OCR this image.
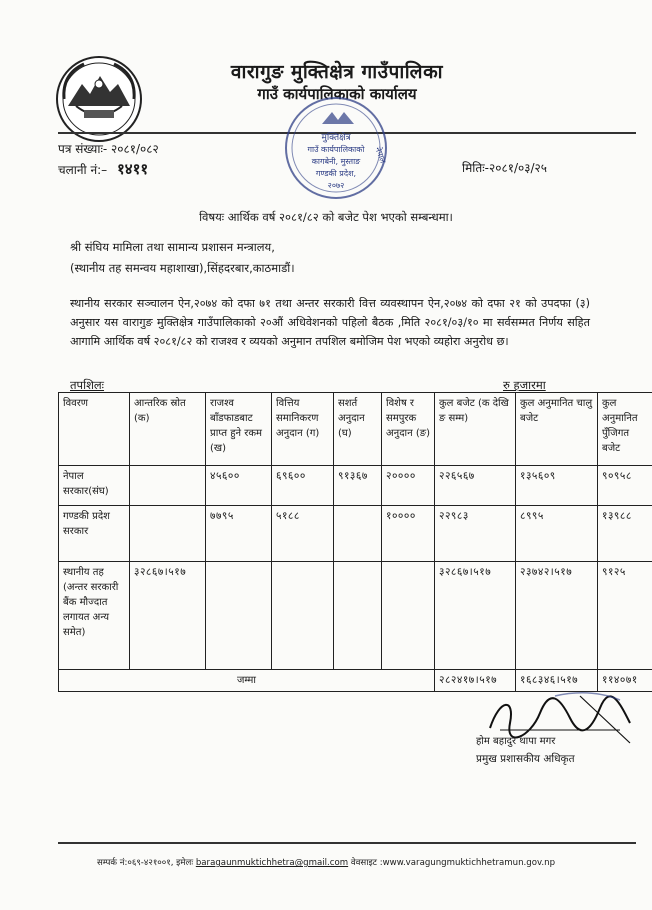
वारागुङ मुक्तिक्षेत्र गाउँपालिका
गाउँ कार्यपालिकाको कार्यालय
मुक्तिक्षेत्र
गाउँ कार्यपालिकाको
कागबेनी, मुस्ताङ
गण्डकी प्रदेश,
२०७२
नेपाल
पत्र संख्याः- २०८१/०८२
चलानी नं:– १४११	मितिः-२०८१/०३/२५
विषयः आर्थिक वर्ष २०८१/८२ को बजेट पेश भएको सम्बन्धमा।
श्री संघिय मामिला तथा सामान्य प्रशासन मन्त्रालय,
(स्थानीय तह समन्वय महाशाखा),सिंहदरबार,काठमाडौं।
स्थानीय सरकार सञ्चालन ऐन,२०७४ को दफा ७१ तथा अन्तर सरकारी वित्त व्यवस्थापन ऐन,२०७४ को दफा २१ को उपदफा (३) अनुसार यस वारागुङ मुक्तिक्षेत्र गाउँपालिकाको २०औं अधिवेशनको पहिलो बैठक ,मिति २०८१/०३/१० मा सर्वसम्मत निर्णय सहित आगामि आर्थिक वर्ष २०८१/८२ को राजश्व र व्ययको अनुमान तपशिल बमोजिम पेश भएको व्यहोरा अनुरोध छ।
तपशिलः	रु हजारमा
विवरण	आन्तरिक स्रोत (क)	राजश्व बाँडफाडबाट प्राप्त हुने रकम (ख)	वित्तिय समानिकरण अनुदान (ग)	सशर्त अनुदान (घ)	विशेष र समपुरक अनुदान (ङ)	कुल बजेट (क देखि ङ सम्म)	कुल अनुमानित चालु बजेट	कुल अनुमानित पुँजिगत बजेट
नेपाल सरकार(संघ)		४५६००	६९६००	९१३६७	२००००	२२६५६७	१३५६०९	९०९५८
गण्डकी प्रदेश सरकार		७७९५	५१८८		१००००	२२९८३	८९९५	१३९८८
स्थानीय तह (अन्तर सरकारी बैंक मौज्दात लगायत अन्य समेत)	३२८६७।५१७					३२८६७।५१७	२३७४२।५१७	९१२५
जम्मा						२८२४१७।५१७	१६८३४६।५१७	११४०७१
होम बहादुर थापा मगर
प्रमुख प्रशासकीय अधिकृत
सम्पर्क नं:०६९-४२१००१, इमेलः baragaunmuktichhetra@gmail.com वेवसाइट :www.varagungmuktichhetramun.gov.np
